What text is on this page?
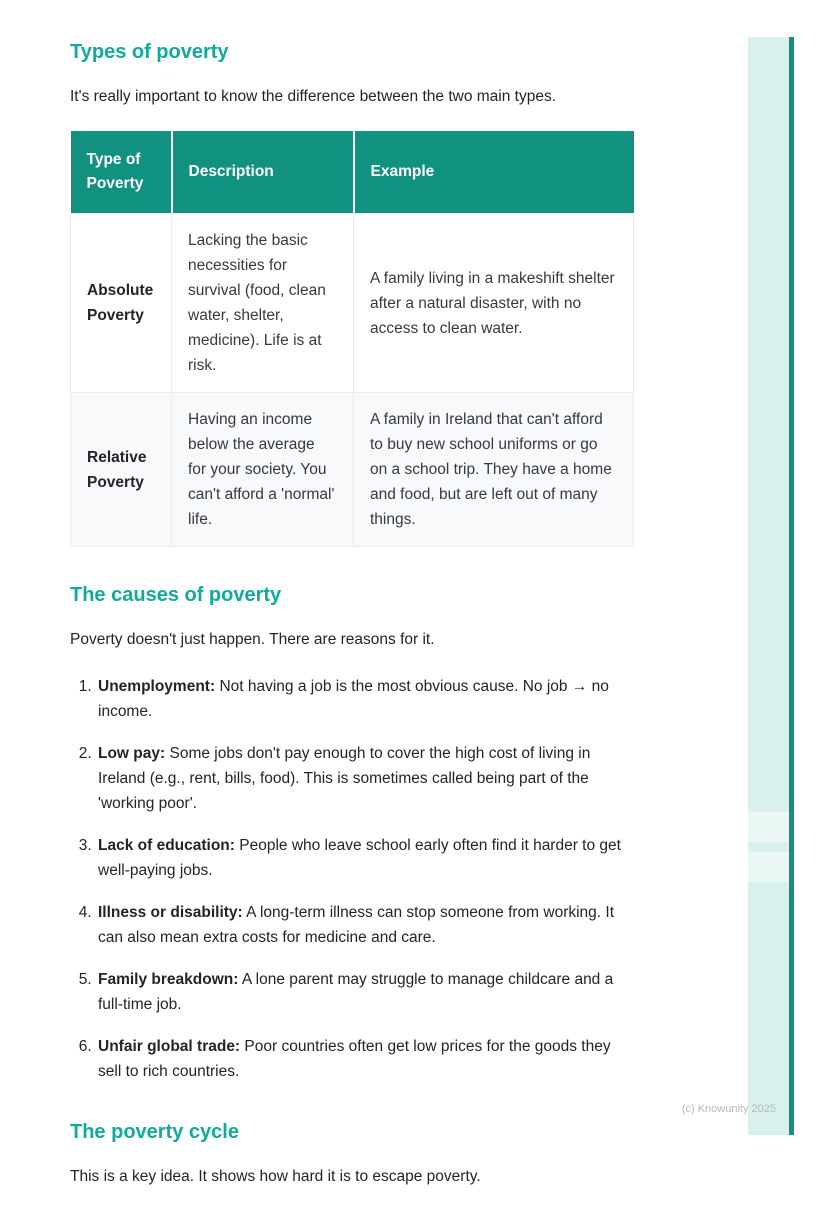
Types of poverty

It's really important to know the difference between the two main types.

Type of Poverty	Description	Example
Absolute Poverty	Lacking the basic necessities for survival (food, clean water, shelter, medicine). Life is at risk.	A family living in a makeshift shelter after a natural disaster, with no access to clean water.
Relative Poverty	Having an income below the average for your society. You can't afford a 'normal' life.	A family in Ireland that can't afford to buy new school uniforms or go on a school trip. They have a home and food, but are left out of many things.
The causes of poverty

Poverty doesn't just happen. There are reasons for it.

1. Unemployment: Not having a job is the most obvious cause. No job → no income.
2. Low pay: Some jobs don't pay enough to cover the high cost of living in Ireland (e.g., rent, bills, food). This is sometimes called being part of the 'working poor'.
3. Lack of education: People who leave school early often find it harder to get well-paying jobs.
4. Illness or disability: A long-term illness can stop someone from working. It can also mean extra costs for medicine and care.
5. Family breakdown: A lone parent may struggle to manage childcare and a full-time job.
6. Unfair global trade: Poor countries often get low prices for the goods they sell to rich countries.
The poverty cycle

This is a key idea. It shows how hard it is to escape poverty.

(c) Knowunity 2025
